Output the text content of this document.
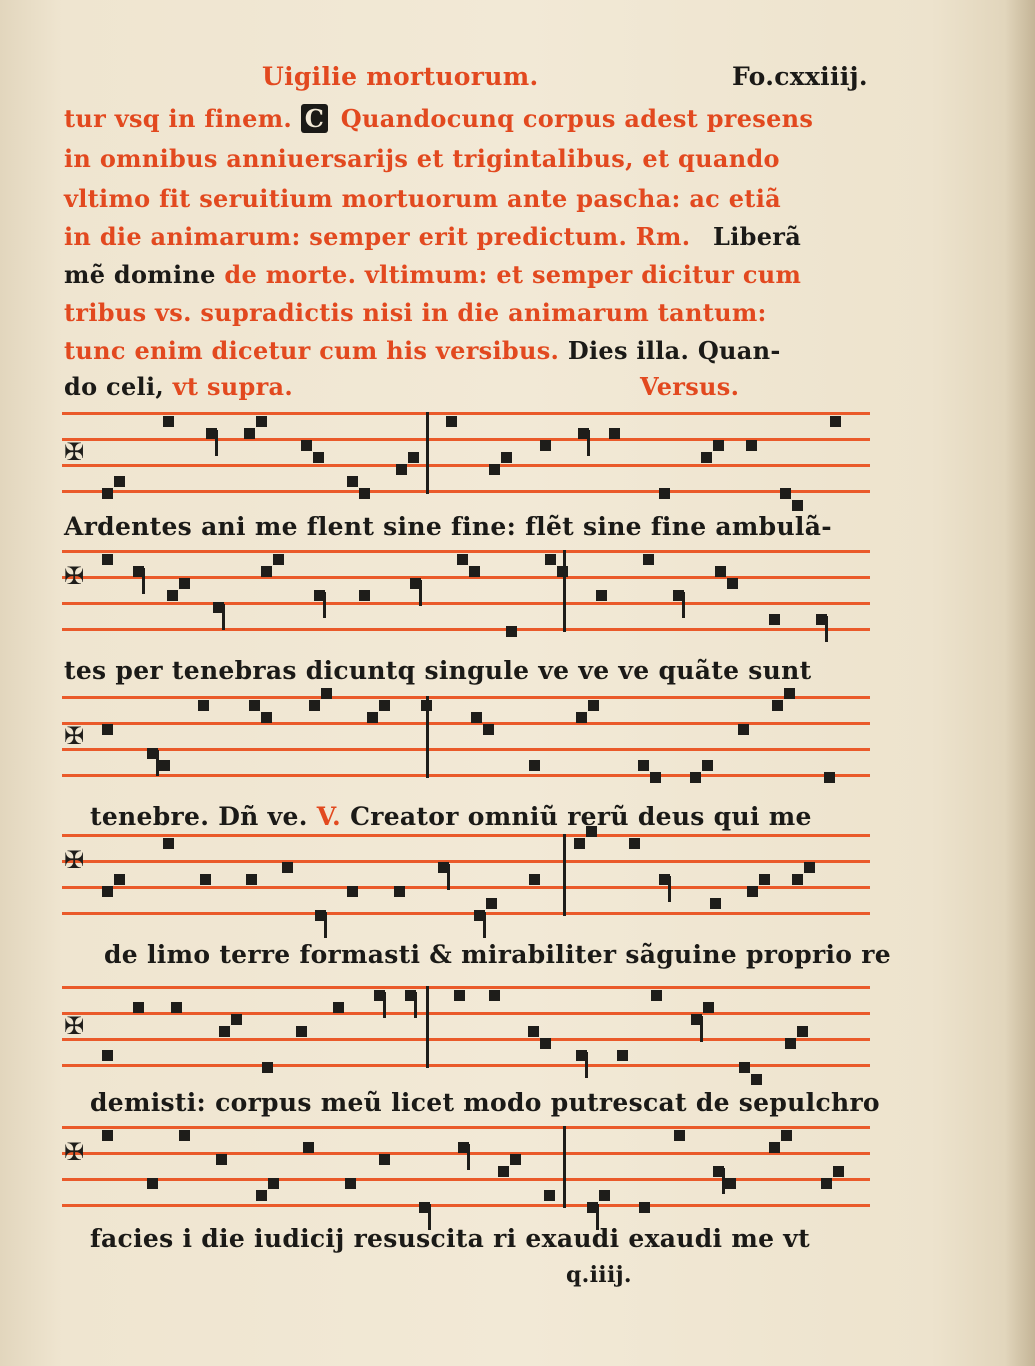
Uigilie mortuorum.	Fo.cxxiiij.
tur vsq in finem. C Quandocunq corpus adest presens
in omnibus anniuersarijs et trigintalibus, et quando
vltimo fit seruitium mortuorum ante pascha: ac etiã
in die animarum: semper erit predictum. Rm. Liberã
mẽ domine de morte. vltimum: et semper dicitur cum
tribus vs. supradictis nisi in die animarum tantum:
tunc enim dicetur cum his versibus. Dies illa. Quan-
do celi, vt supra.	Versus.
✠
✠
✠
✠
✠
✠
Ardentes ani me flent sine fine: flẽt sine fine ambulã-
tes per tenebras dicuntq singule ve ve ve quãte sunt
tenebre. Dñ ve. V. Creator omniũ rerũ deus qui me
de limo terre formasti & mirabiliter sãguine proprio re
demisti: corpus meũ licet modo putrescat de sepulchro
facies i die iudicij resuscita ri exaudi exaudi me vt
q.iiij.
